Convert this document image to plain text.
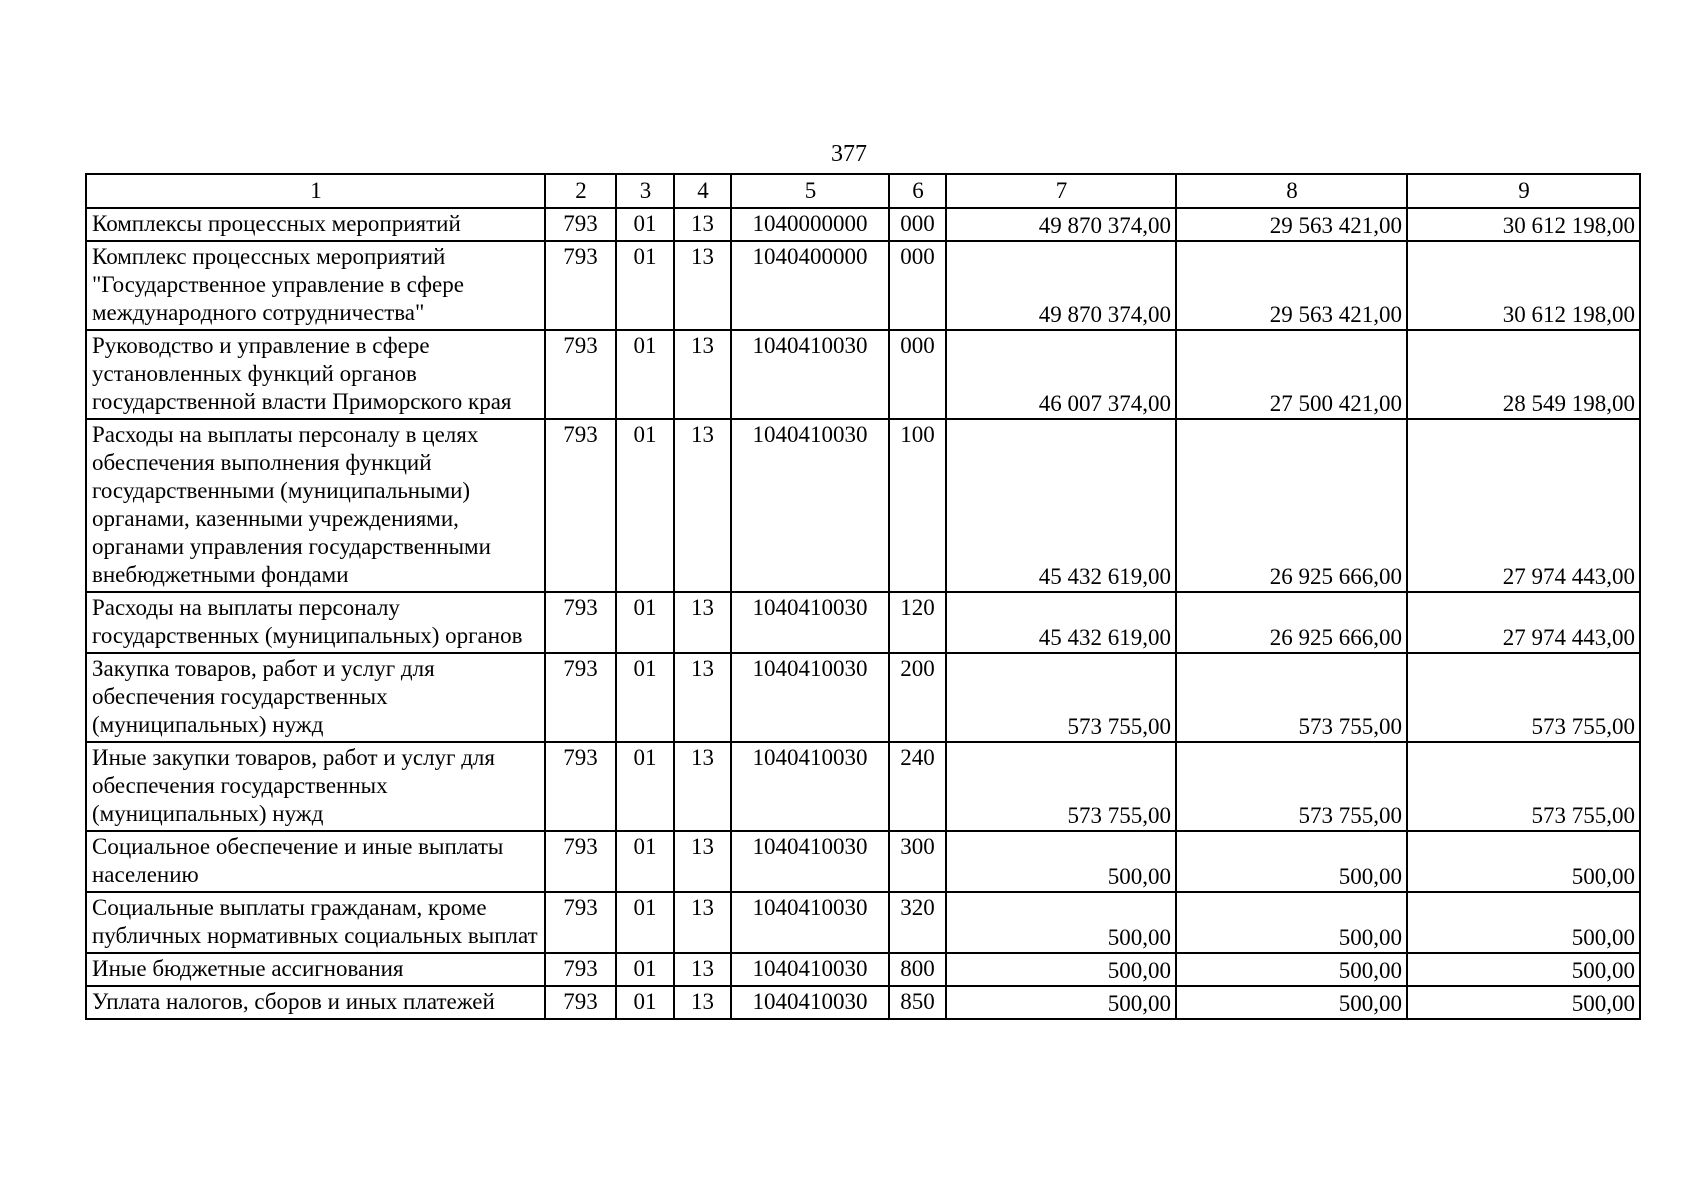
377
1	2	3	4	5	6	7	8	9
Комплексы процессных мероприятий	793	01	13	1040000000	000	49 870 374,00	29 563 421,00	30 612 198,00
Комплекс процессных мероприятий "Государственное управление в сфере международного сотрудничества"	793	01	13	1040400000	000	49 870 374,00	29 563 421,00	30 612 198,00
Руководство и управление в сфере установленных функций органов государственной власти Приморского края	793	01	13	1040410030	000	46 007 374,00	27 500 421,00	28 549 198,00
Расходы на выплаты персоналу в целях обеспечения выполнения функций государственными (муниципальными) органами, казенными учреждениями, органами управления государственными внебюджетными фондами	793	01	13	1040410030	100	45 432 619,00	26 925 666,00	27 974 443,00
Расходы на выплаты персоналу государственных (муниципальных) органов	793	01	13	1040410030	120	45 432 619,00	26 925 666,00	27 974 443,00
Закупка товаров, работ и услуг для обеспечения государственных (муниципальных) нужд	793	01	13	1040410030	200	573 755,00	573 755,00	573 755,00
Иные закупки товаров, работ и услуг для обеспечения государственных (муниципальных) нужд	793	01	13	1040410030	240	573 755,00	573 755,00	573 755,00
Социальное обеспечение и иные выплаты населению	793	01	13	1040410030	300	500,00	500,00	500,00
Социальные выплаты гражданам, кроме публичных нормативных социальных выплат	793	01	13	1040410030	320	500,00	500,00	500,00
Иные бюджетные ассигнования	793	01	13	1040410030	800	500,00	500,00	500,00
Уплата налогов, сборов и иных платежей	793	01	13	1040410030	850	500,00	500,00	500,00
